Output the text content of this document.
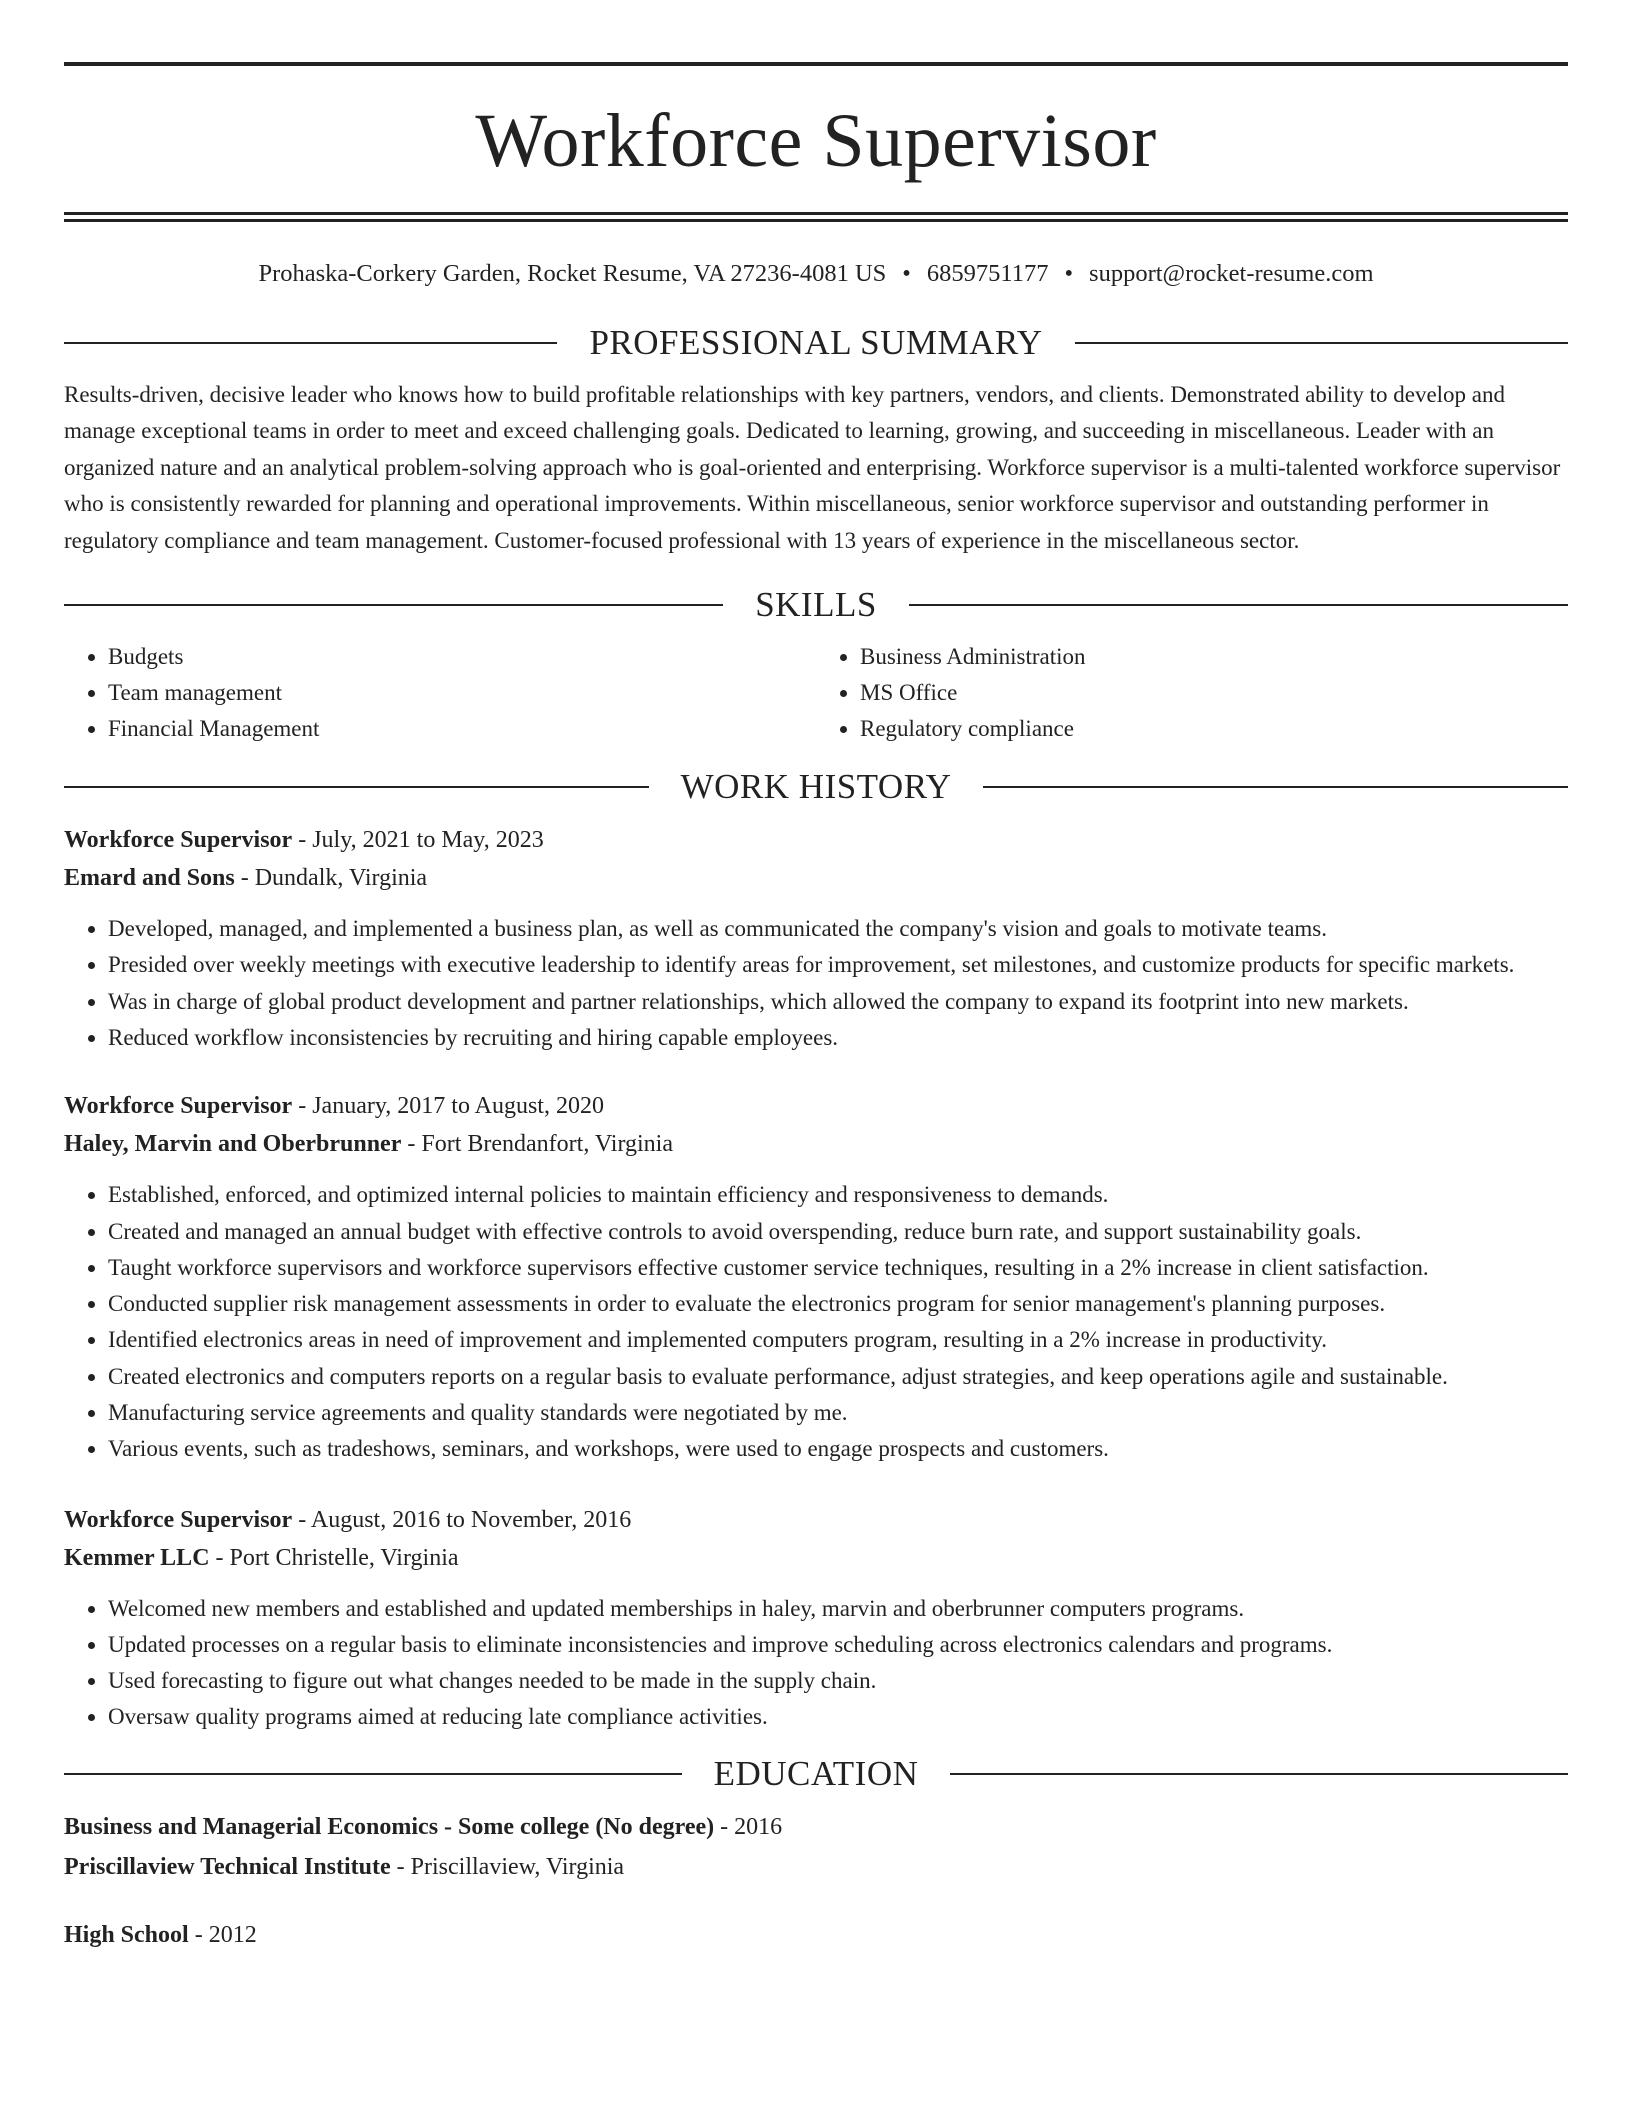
Workforce Supervisor
Prohaska-Corkery Garden, Rocket Resume, VA 27236-4081 US • 6859751177 • support@rocket-resume.com
PROFESSIONAL SUMMARY

Results-driven, decisive leader who knows how to build profitable relationships with key partners, vendors, and clients. Demonstrated ability to develop and manage exceptional teams in order to meet and exceed challenging goals. Dedicated to learning, growing, and succeeding in miscellaneous. Leader with an organized nature and an analytical problem-solving approach who is goal-oriented and enterprising. Workforce supervisor is a multi-talented workforce supervisor who is consistently rewarded for planning and operational improvements. Within miscellaneous, senior workforce supervisor and outstanding performer in regulatory compliance and team management. Customer-focused professional with 13 years of experience in the miscellaneous sector.

SKILLS
• Budgets
• Team management
• Financial Management
• Business Administration
• MS Office
• Regulatory compliance
WORK HISTORY
Workforce Supervisor - July, 2021 to May, 2023
Emard and Sons - Dundalk, Virginia
• Developed, managed, and implemented a business plan, as well as communicated the company's vision and goals to motivate teams.
• Presided over weekly meetings with executive leadership to identify areas for improvement, set milestones, and customize products for specific markets.
• Was in charge of global product development and partner relationships, which allowed the company to expand its footprint into new markets.
• Reduced workflow inconsistencies by recruiting and hiring capable employees.
Workforce Supervisor - January, 2017 to August, 2020
Haley, Marvin and Oberbrunner - Fort Brendanfort, Virginia
• Established, enforced, and optimized internal policies to maintain efficiency and responsiveness to demands.
• Created and managed an annual budget with effective controls to avoid overspending, reduce burn rate, and support sustainability goals.
• Taught workforce supervisors and workforce supervisors effective customer service techniques, resulting in a 2% increase in client satisfaction.
• Conducted supplier risk management assessments in order to evaluate the electronics program for senior management's planning purposes.
• Identified electronics areas in need of improvement and implemented computers program, resulting in a 2% increase in productivity.
• Created electronics and computers reports on a regular basis to evaluate performance, adjust strategies, and keep operations agile and sustainable.
• Manufacturing service agreements and quality standards were negotiated by me.
• Various events, such as tradeshows, seminars, and workshops, were used to engage prospects and customers.
Workforce Supervisor - August, 2016 to November, 2016
Kemmer LLC - Port Christelle, Virginia
• Welcomed new members and established and updated memberships in haley, marvin and oberbrunner computers programs.
• Updated processes on a regular basis to eliminate inconsistencies and improve scheduling across electronics calendars and programs.
• Used forecasting to figure out what changes needed to be made in the supply chain.
• Oversaw quality programs aimed at reducing late compliance activities.
EDUCATION
Business and Managerial Economics - Some college (No degree) - 2016
Priscillaview Technical Institute - Priscillaview, Virginia
High School - 2012
